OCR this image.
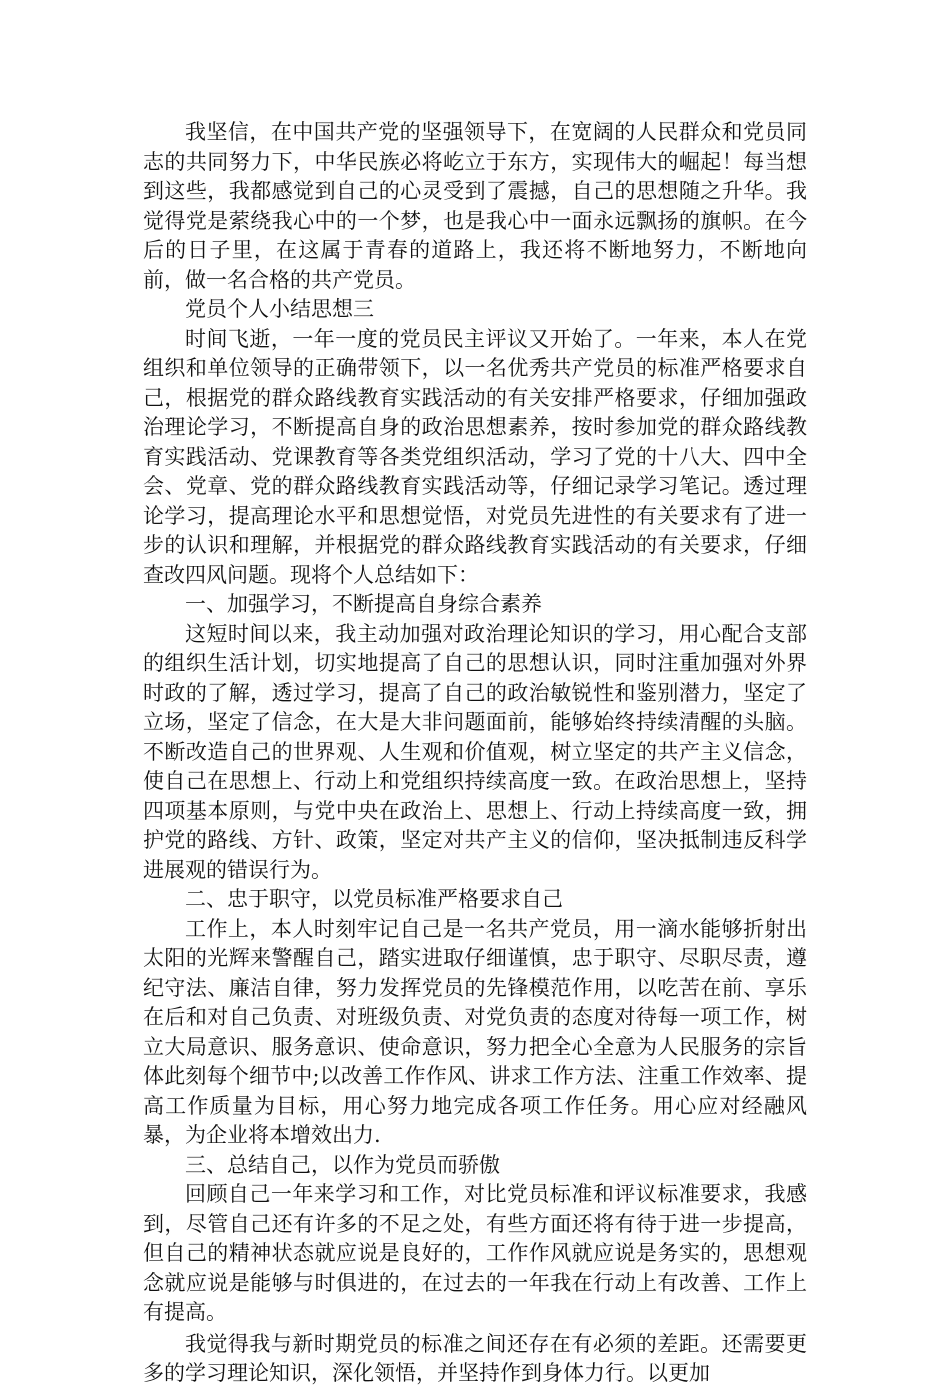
我坚信，在中国共产党的坚强领导下，在宽阔的人民群众和党员同志的共同努力下，中华民族必将屹立于东方，实现伟大的崛起！每当想到这些，我都感觉到自己的心灵受到了震撼，自己的思想随之升华。我觉得党是萦绕我心中的一个梦，也是我心中一面永远飘扬的旗帜。在今后的日子里，在这属于青春的道路上，我还将不断地努力，不断地向前，做一名合格的共产党员。

党员个人小结思想三

时间飞逝，一年一度的党员民主评议又开始了。一年来，本人在党组织和单位领导的正确带领下，以一名优秀共产党员的标准严格要求自己，根据党的群众路线教育实践活动的有关安排严格要求，仔细加强政治理论学习，不断提高自身的政治思想素养，按时参加党的群众路线教育实践活动、党课教育等各类党组织活动，学习了党的十八大、四中全会、党章、党的群众路线教育实践活动等，仔细记录学习笔记。透过理论学习，提高理论水平和思想觉悟，对党员先进性的有关要求有了进一步的认识和理解，并根据党的群众路线教育实践活动的有关要求，仔细查改四风问题。现将个人总结如下：

一、加强学习，不断提高自身综合素养

这短时间以来，我主动加强对政治理论知识的学习，用心配合支部的组织生活计划，切实地提高了自己的思想认识，同时注重加强对外界时政的了解，透过学习，提高了自己的政治敏锐性和鉴别潜力，坚定了立场，坚定了信念，在大是大非问题面前，能够始终持续清醒的头脑。不断改造自己的世界观、人生观和价值观，树立坚定的共产主义信念，使自己在思想上、行动上和党组织持续高度一致。在政治思想上，坚持四项基本原则，与党中央在政治上、思想上、行动上持续高度一致，拥护党的路线、方针、政策，坚定对共产主义的信仰，坚决抵制违反科学进展观的错误行为。

二、忠于职守，以党员标准严格要求自己

工作上，本人时刻牢记自己是一名共产党员，用一滴水能够折射出太阳的光辉来警醒自己，踏实进取仔细谨慎，忠于职守、尽职尽责，遵纪守法、廉洁自律，努力发挥党员的先锋模范作用，以吃苦在前、享乐在后和对自己负责、对班级负责、对党负责的态度对待每一项工作，树立大局意识、服务意识、使命意识，努力把全心全意为人民服务的宗旨体此刻每个细节中;以改善工作作风、讲求工作方法、注重工作效率、提高工作质量为目标，用心努力地完成各项工作任务。用心应对经融风暴，为企业将本增效出力.

三、总结自己，以作为党员而骄傲

回顾自己一年来学习和工作，对比党员标准和评议标准要求，我感到，尽管自己还有许多的不足之处，有些方面还将有待于进一步提高，但自己的精神状态就应说是良好的，工作作风就应说是务实的，思想观念就应说是能够与时俱进的，在过去的一年我在行动上有改善、工作上有提高。

我觉得我与新时期党员的标准之间还存在有必须的差距。还需要更多的学习理论知识，深化领悟，并坚持作到身体力行。以更加
